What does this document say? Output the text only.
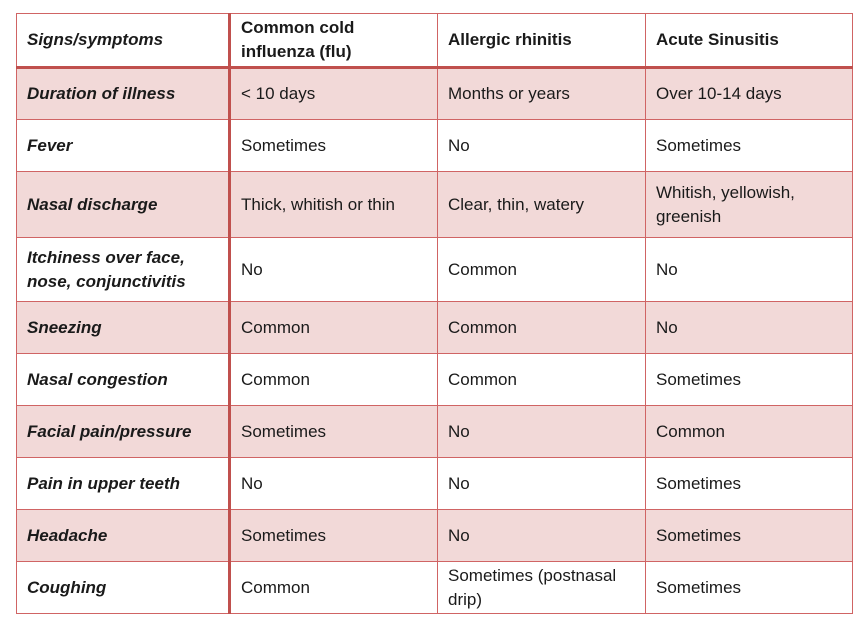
Signs/symptoms	Common cold influenza (flu)	Allergic rhinitis	Acute Sinusitis
Duration of illness	< 10 days	Months or years	Over 10-14 days
Fever	Sometimes	No	Sometimes
Nasal discharge	Thick, whitish or thin	Clear, thin, watery	Whitish, yellowish, greenish
Itchiness over face, nose, conjunctivitis	No	Common	No
Sneezing	Common	Common	No
Nasal congestion	Common	Common	Sometimes
Facial pain/pressure	Sometimes	No	Common
Pain in upper teeth	No	No	Sometimes
Headache	Sometimes	No	Sometimes
Coughing	Common	Sometimes (postnasal drip)	Sometimes
